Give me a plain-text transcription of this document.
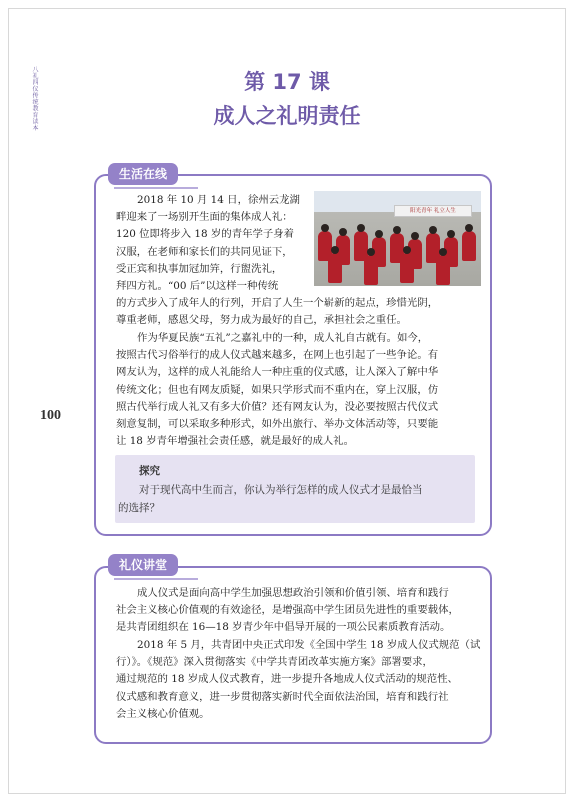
八礼四仪传统教育读本
100
第 17 课
成人之礼明责任
生活在线
阳光青年 礼立人生
2018 年 10 月 14 日，徐州云龙湖
畔迎来了一场别开生面的集体成人礼：
120 位即将步入 18 岁的青年学子身着
汉服，在老师和家长们的共同见证下，
受正宾和执事加冠加笄，行盥洗礼，
拜四方礼。“00 后”以这样一种传统
的方式步入了成年人的行列，开启了人生一个崭新的起点，珍惜光阴，
尊重老师，感恩父母，努力成为最好的自己，承担社会之重任。
作为华夏民族“五礼”之嘉礼中的一种，成人礼自古就有。如今，
按照古代习俗举行的成人仪式越来越多，在网上也引起了一些争论。有
网友认为，这样的成人礼能给人一种庄重的仪式感，让人深入了解中华
传统文化；但也有网友质疑，如果只学形式而不重内在，穿上汉服，仿
照古代举行成人礼又有多大价值？还有网友认为，没必要按照古代仪式
刻意复制，可以采取多种形式，如外出旅行、举办文体活动等，只要能
让 18 岁青年增强社会责任感，就是最好的成人礼。
探究
对于现代高中生而言，你认为举行怎样的成人仪式才是最恰当
的选择？
礼仪讲堂
成人仪式是面向高中学生加强思想政治引领和价值引领、培育和践行
社会主义核心价值观的有效途径，是增强高中学生团员先进性的重要载体，
是共青团组织在 16—18 岁青少年中倡导开展的一项公民素质教育活动。
2018 年 5 月，共青团中央正式印发《全国中学生 18 岁成人仪式规范（试
行）》。《规范》深入贯彻落实《中学共青团改革实施方案》部署要求，
通过规范的 18 岁成人仪式教育，进一步提升各地成人仪式活动的规范性、
仪式感和教育意义，进一步贯彻落实新时代全面依法治国，培育和践行社
会主义核心价值观。
